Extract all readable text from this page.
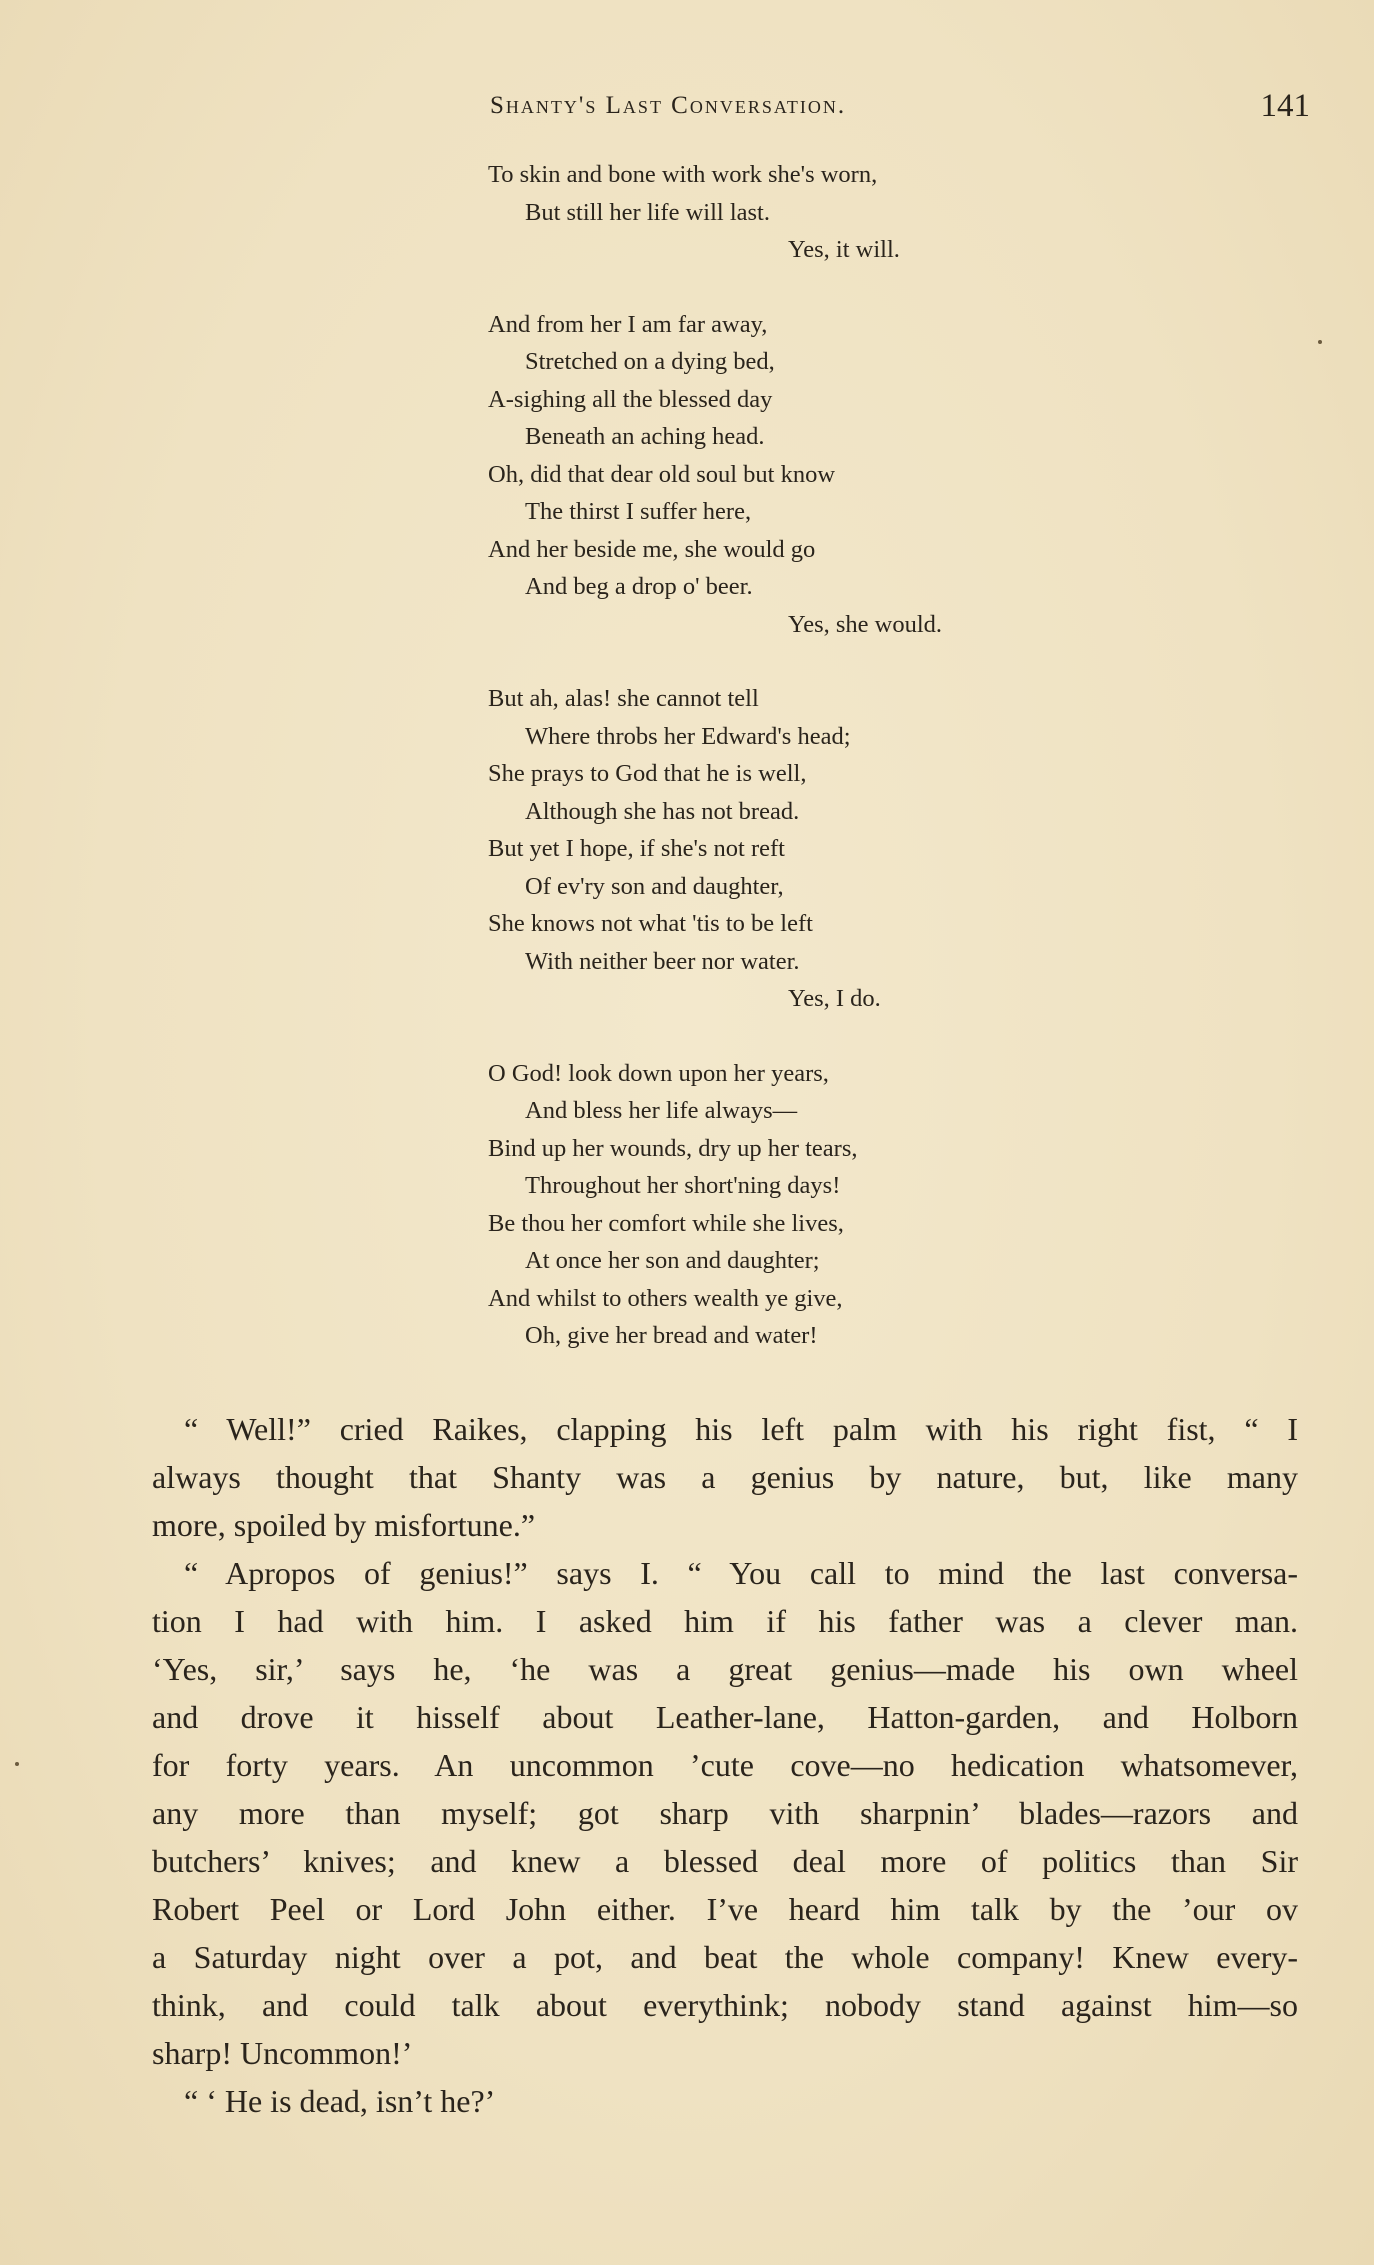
Shanty's Last Conversation.	141
To skin and bone with work she's worn,
But still her life will last.
Yes, it will.
And from her I am far away,
Stretched on a dying bed,
A-sighing all the blessed day
Beneath an aching head.
Oh, did that dear old soul but know
The thirst I suffer here,
And her beside me, she would go
And beg a drop o' beer.
Yes, she would.
But ah, alas! she cannot tell
Where throbs her Edward's head;
She prays to God that he is well,
Although she has not bread.
But yet I hope, if she's not reft
Of ev'ry son and daughter,
She knows not what 'tis to be left
With neither beer nor water.
Yes, I do.
O God! look down upon her years,
And bless her life always—
Bind up her wounds, dry up her tears,
Throughout her short'ning days!
Be thou her comfort while she lives,
At once her son and daughter;
And whilst to others wealth ye give,
Oh, give her bread and water!
“ Well!” cried Raikes, clapping his left palm with his right fist, “ I
always thought that Shanty was a genius by nature, but, like many
more, spoiled by misfortune.”
“ Apropos of genius!” says I. “ You call to mind the last conversa-
tion I had with him. I asked him if his father was a clever man.
‘Yes, sir,’ says he, ‘he was a great genius—made his own wheel
and drove it hisself about Leather-lane, Hatton-garden, and Holborn
for forty years. An uncommon ’cute cove—no hedication whatsomever,
any more than myself; got sharp vith sharpnin’ blades—razors and
butchers’ knives; and knew a blessed deal more of politics than Sir
Robert Peel or Lord John either. I’ve heard him talk by the ’our ov
a Saturday night over a pot, and beat the whole company! Knew every-
think, and could talk about everythink; nobody stand against him—so
sharp! Uncommon!’
“ ‘ He is dead, isn’t he?’
